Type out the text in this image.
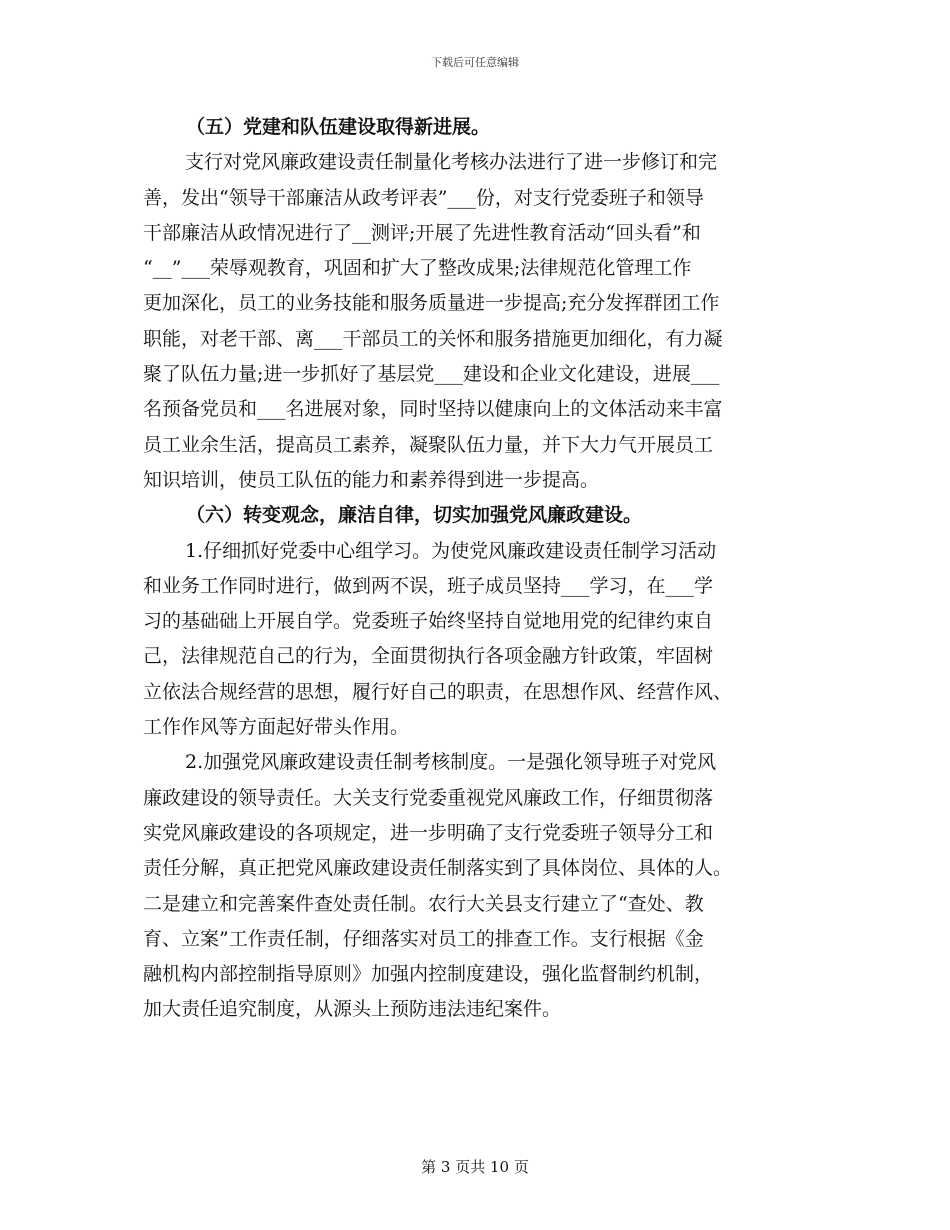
下载后可任意编辑
（五）党建和队伍建设取得新进展。
支行对党风廉政建设责任制量化考核办法进行了进一步修订和完
善，发出“领导干部廉洁从政考评表”___份，对支行党委班子和领导
干部廉洁从政情况进行了__测评;开展了先进性教育活动“回头看”和
“__”___荣辱观教育，巩固和扩大了整改成果;法律规范化管理工作
更加深化，员工的业务技能和服务质量进一步提高;充分发挥群团工作
职能，对老干部、离___干部员工的关怀和服务措施更加细化，有力凝
聚了队伍力量;进一步抓好了基层党___建设和企业文化建设，进展___
名预备党员和___名进展对象，同时坚持以健康向上的文体活动来丰富
员工业余生活，提高员工素养，凝聚队伍力量，并下大力气开展员工
知识培训，使员工队伍的能力和素养得到进一步提高。
（六）转变观念，廉洁自律，切实加强党风廉政建设。
1.仔细抓好党委中心组学习。为使党风廉政建设责任制学习活动
和业务工作同时进行，做到两不误，班子成员坚持___学习，在___学
习的基础础上开展自学。党委班子始终坚持自觉地用党的纪律约束自
己，法律规范自己的行为，全面贯彻执行各项金融方针政策，牢固树
立依法合规经营的思想，履行好自己的职责，在思想作风、经营作风、
工作作风等方面起好带头作用。
2.加强党风廉政建设责任制考核制度。一是强化领导班子对党风
廉政建设的领导责任。大关支行党委重视党风廉政工作，仔细贯彻落
实党风廉政建设的各项规定，进一步明确了支行党委班子领导分工和
责任分解，真正把党风廉政建设责任制落实到了具体岗位、具体的人。
二是建立和完善案件查处责任制。农行大关县支行建立了“查处、教
育、立案”工作责任制，仔细落实对员工的排查工作。支行根据《金
融机构内部控制指导原则》加强内控制度建设，强化监督制约机制，
加大责任追究制度，从源头上预防违法违纪案件。
第 3 页共 10 页
